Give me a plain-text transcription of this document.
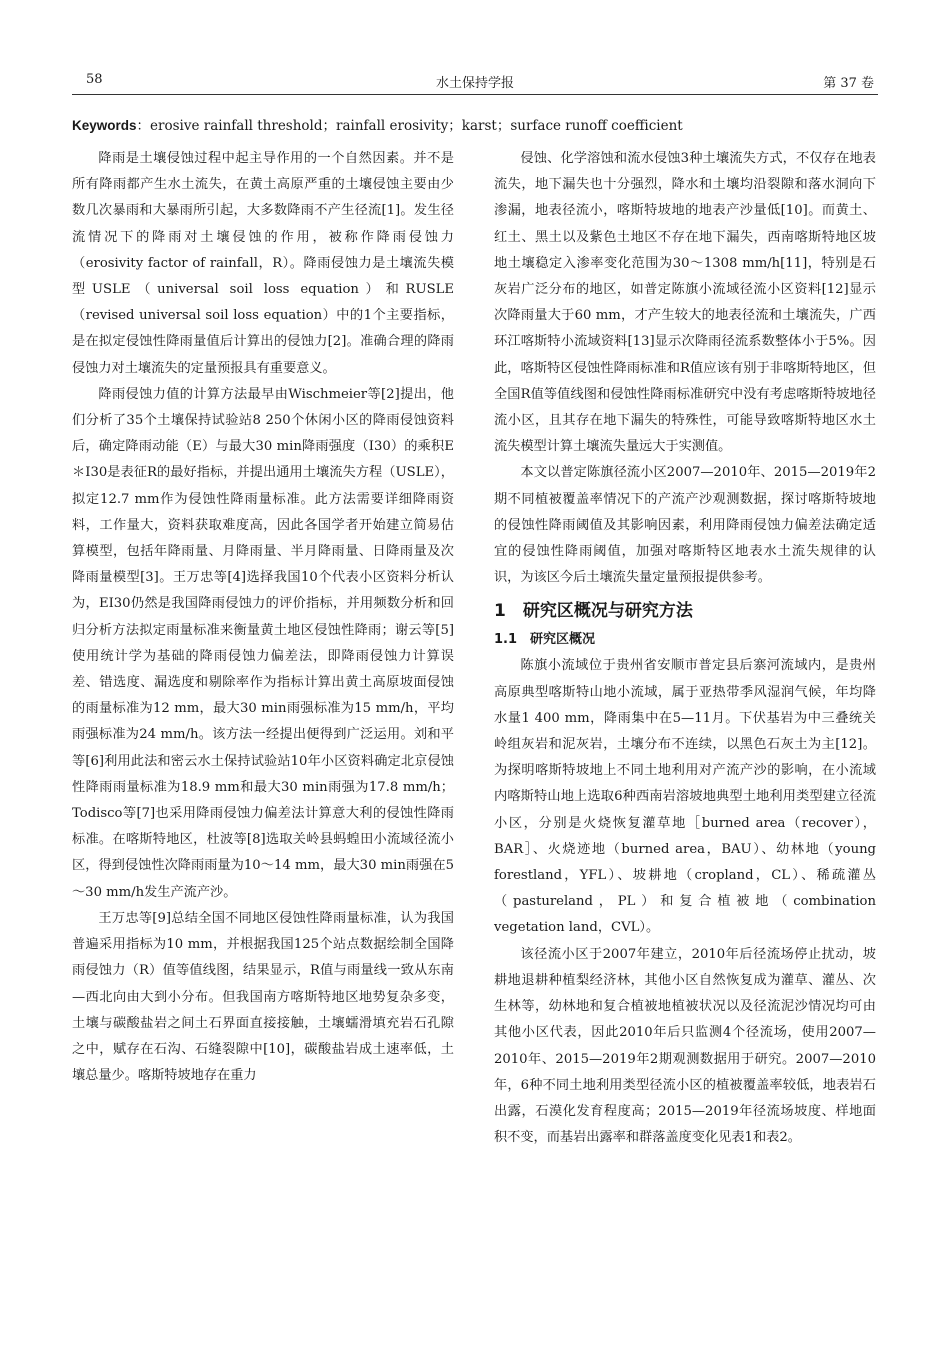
58	水土保持学报	第 37 卷
Keywords：erosive rainfall threshold；rainfall erosivity；karst；surface runoff coefficient

降雨是土壤侵蚀过程中起主导作用的一个自然因素。并不是所有降雨都产生水土流失，在黄土高原严重的土壤侵蚀主要由少数几次暴雨和大暴雨所引起，大多数降雨不产生径流[1]。发生径流情况下的降雨对土壤侵蚀的作用，被称作降雨侵蚀力（erosivity factor of rainfall，R）。降雨侵蚀力是土壤流失模型USLE（universal soil loss equation）和RUSLE（revised universal soil loss equation）中的1个主要指标，是在拟定侵蚀性降雨量值后计算出的侵蚀力[2]。准确合理的降雨侵蚀力对土壤流失的定量预报具有重要意义。

降雨侵蚀力值的计算方法最早由Wischmeier等[2]提出，他们分析了35个土壤保持试验站8 250个休闲小区的降雨侵蚀资料后，确定降雨动能（E）与最大30 min降雨强度（I30）的乘积E＊I30是表征R的最好指标，并提出通用土壤流失方程（USLE），拟定12.7 mm作为侵蚀性降雨量标准。此方法需要详细降雨资料，工作量大，资料获取难度高，因此各国学者开始建立简易估算模型，包括年降雨量、月降雨量、半月降雨量、日降雨量及次降雨量模型[3]。王万忠等[4]选择我国10个代表小区资料分析认为，EI30仍然是我国降雨侵蚀力的评价指标，并用频数分析和回归分析方法拟定雨量标准来衡量黄土地区侵蚀性降雨；谢云等[5]使用统计学为基础的降雨侵蚀力偏差法，即降雨侵蚀力计算误差、错选度、漏选度和剔除率作为指标计算出黄土高原坡面侵蚀的雨量标准为12 mm，最大30 min雨强标准为15 mm/h，平均雨强标准为24 mm/h。该方法一经提出便得到广泛运用。刘和平等[6]利用此法和密云水土保持试验站10年小区资料确定北京侵蚀性降雨雨量标准为18.9 mm和最大30 min雨强为17.8 mm/h；Todisco等[7]也采用降雨侵蚀力偏差法计算意大利的侵蚀性降雨标准。在喀斯特地区，杜波等[8]选取关岭县蚂蝗田小流域径流小区，得到侵蚀性次降雨雨量为10～14 mm，最大30 min雨强在5～30 mm/h发生产流产沙。

王万忠等[9]总结全国不同地区侵蚀性降雨量标准，认为我国普遍采用指标为10 mm，并根据我国125个站点数据绘制全国降雨侵蚀力（R）值等值线图，结果显示，R值与雨量线一致从东南—西北向由大到小分布。但我国南方喀斯特地区地势复杂多变，土壤与碳酸盐岩之间土石界面直接接触，土壤蠕滑填充岩石孔隙之中，赋存在石沟、石缝裂隙中[10]，碳酸盐岩成土速率低，土壤总量少。喀斯特坡地存在重力

侵蚀、化学溶蚀和流水侵蚀3种土壤流失方式，不仅存在地表流失，地下漏失也十分强烈，降水和土壤均沿裂隙和落水洞向下渗漏，地表径流小，喀斯特坡地的地表产沙量低[10]。而黄土、红土、黑土以及紫色土地区不存在地下漏失，西南喀斯特地区坡地土壤稳定入渗率变化范围为30～1308 mm/h[11]，特别是石灰岩广泛分布的地区，如普定陈旗小流域径流小区资料[12]显示次降雨量大于60 mm，才产生较大的地表径流和土壤流失，广西环江喀斯特小流域资料[13]显示次降雨径流系数整体小于5%。因此，喀斯特区侵蚀性降雨标准和R值应该有别于非喀斯特地区，但全国R值等值线图和侵蚀性降雨标准研究中没有考虑喀斯特坡地径流小区，且其存在地下漏失的特殊性，可能导致喀斯特地区水土流失模型计算土壤流失量远大于实测值。

本文以普定陈旗径流小区2007—2010年、2015—2019年2期不同植被覆盖率情况下的产流产沙观测数据，探讨喀斯特坡地的侵蚀性降雨阈值及其影响因素，利用降雨侵蚀力偏差法确定适宜的侵蚀性降雨阈值，加强对喀斯特区地表水土流失规律的认识，为该区今后土壤流失量定量预报提供参考。

1　研究区概况与研究方法
1.1　研究区概况

陈旗小流域位于贵州省安顺市普定县后寨河流域内，是贵州高原典型喀斯特山地小流域，属于亚热带季风湿润气候，年均降水量1 400 mm，降雨集中在5—11月。下伏基岩为中三叠统关岭组灰岩和泥灰岩，土壤分布不连续，以黑色石灰土为主[12]。为探明喀斯特坡地上不同土地利用对产流产沙的影响，在小流域内喀斯特山地上选取6种西南岩溶坡地典型土地利用类型建立径流小区，分别是火烧恢复灌草地［burned area（recover），BAR］、火烧迹地（burned area，BAU）、幼林地（young forestland，YFL）、坡耕地（cropland，CL）、稀疏灌丛（pastureland，PL）和复合植被地（combination vegetation land，CVL）。

该径流小区于2007年建立，2010年后径流场停止扰动，坡耕地退耕种植梨经济林，其他小区自然恢复成为灌草、灌丛、次生林等，幼林地和复合植被地植被状况以及径流泥沙情况均可由其他小区代表，因此2010年后只监测4个径流场，使用2007—2010年、2015—2019年2期观测数据用于研究。2007—2010年，6种不同土地利用类型径流小区的植被覆盖率较低，地表岩石出露，石漠化发育程度高；2015—2019年径流场坡度、样地面积不变，而基岩出露率和群落盖度变化见表1和表2。
